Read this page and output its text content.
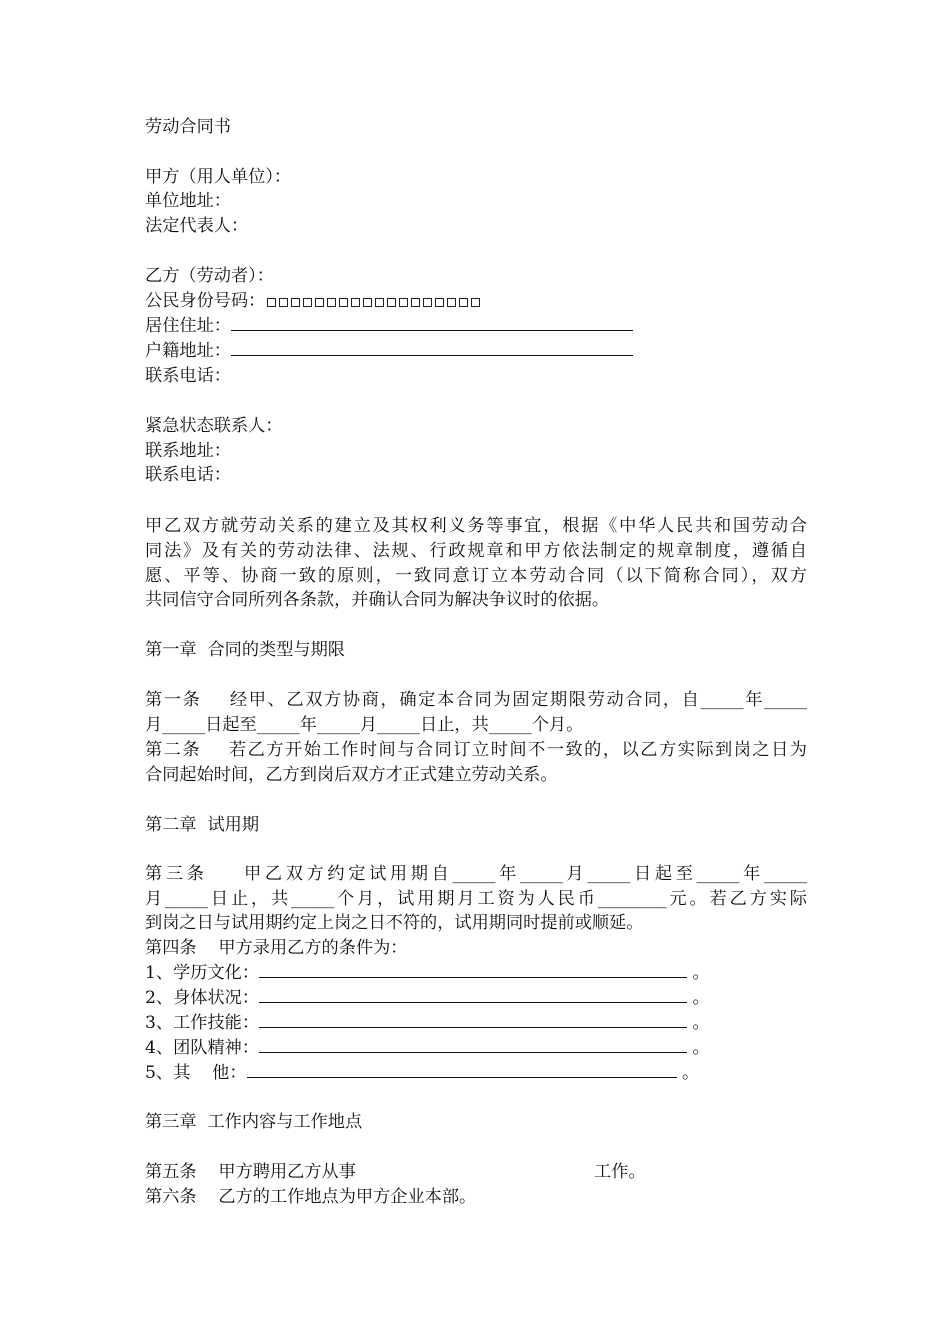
劳动合同书
甲方（用人单位）：
单位地址：
法定代表人：
乙方（劳动者）：
公民身份号码：
居住住址：
户籍地址：
联系电话：
紧急状态联系人：
联系地址：
联系电话：
甲乙双方就劳动关系的建立及其权利义务等事宜，根据《中华人民共和国劳动合
同法》及有关的劳动法律、法规、行政规章和甲方依法制定的规章制度，遵循自
愿、平等、协商一致的原则，一致同意订立本劳动合同（以下简称合同），双方
共同信守合同所列各条款，并确认合同为解决争议时的依据。
第一章  合同的类型与期限
第一条    经甲、乙双方协商，确定本合同为固定期限劳动合同，自_____年_____
月_____日起至_____年_____月_____日止，共_____个月。
第二条    若乙方开始工作时间与合同订立时间不一致的，以乙方实际到岗之日为
合同起始时间，乙方到岗后双方才正式建立劳动关系。
第二章  试用期
第三条    甲乙双方约定试用期自_____年_____月_____日起至_____年_____
月_____日止，共_____个月，试用期月工资为人民币________元。若乙方实际
到岗之日与试用期约定上岗之日不符的，试用期同时提前或顺延。
第四条    甲方录用乙方的条件为：
1、学历文化：	。
2、身体状况：	。
3、工作技能：	。
4、团队精神：	。
5、其    他：	。
第三章  工作内容与工作地点
第五条    甲方聘用乙方从事	工作。
第六条    乙方的工作地点为甲方企业本部。
